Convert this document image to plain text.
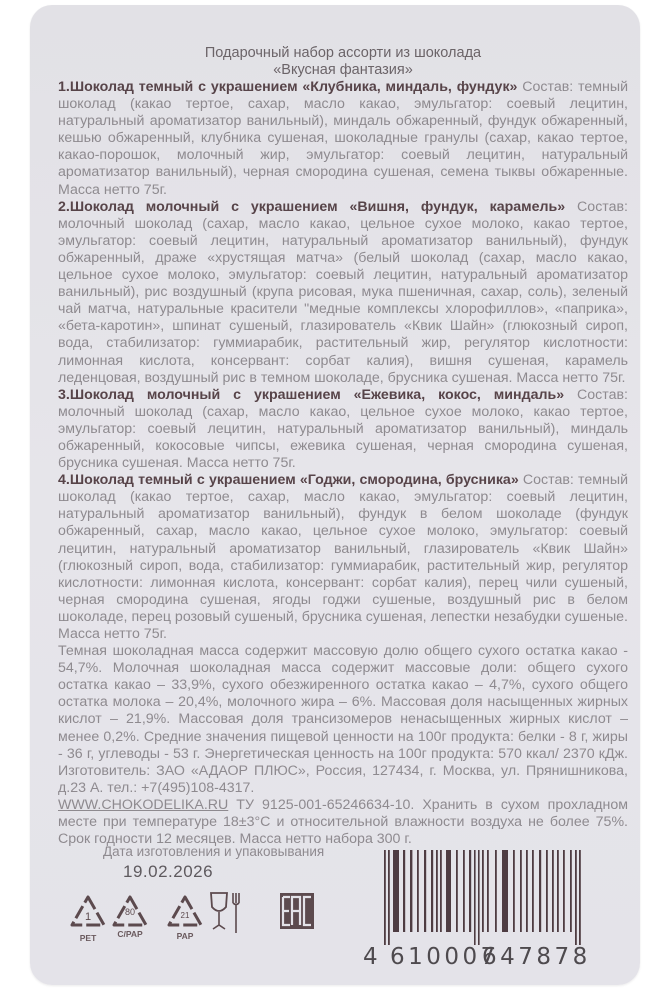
Подарочный набор ассорти из шоколада
«Вкусная фантазия»

1.Шоколад темный с украшением «Клубника, миндаль, фундук» Состав: темный шоколад (какао тертое, сахар, масло какао, эмульгатор: соевый лецитин, натуральный ароматизатор ванильный), миндаль обжаренный, фундук обжаренный, кешью обжаренный, клубника сушеная, шоколадные гранулы (сахар, какао тертое, какао-порошок, молочный жир, эмульгатор: соевый лецитин, натуральный ароматизатор ванильный), черная смородина сушеная, семена тыквы обжаренные. Масса нетто 75г.

2.Шоколад молочный с украшением «Вишня, фундук, карамель» Состав: молочный шоколад (сахар, масло какао, цельное сухое молоко, какао тертое, эмульгатор: соевый лецитин, натуральный ароматизатор ванильный), фундук обжаренный, драже «хрустящая матча» (белый шоколад (сахар, масло какао, цельное сухое молоко, эмульгатор: соевый лецитин, натуральный ароматизатор ванильный), рис воздушный (крупа рисовая, мука пшеничная, сахар, соль), зеленый чай матча, натуральные красители "медные комплексы хлорофиллов», «паприка», «бета-каротин», шпинат сушеный, глазирователь «Квик Шайн» (глюкозный сироп, вода, стабилизатор: гуммиарабик, растительный жир, регулятор кислотности: лимонная кислота, консервант: сорбат калия), вишня сушеная, карамель леденцовая, воздушный рис в темном шоколаде, брусника сушеная. Масса нетто 75г.

3.Шоколад молочный с украшением «Ежевика, кокос, миндаль» Состав: молочный шоколад (сахар, масло какао, цельное сухое молоко, какао тертое, эмульгатор: соевый лецитин, натуральный ароматизатор ванильный), миндаль обжаренный, кокосовые чипсы, ежевика сушеная, черная смородина сушеная, брусника сушеная. Масса нетто 75г.

4.Шоколад темный с украшением «Годжи, смородина, брусника» Состав: темный шоколад (какао тертое, сахар, масло какао, эмульгатор: соевый лецитин, натуральный ароматизатор ванильный), фундук в белом шоколаде (фундук обжаренный, сахар, масло какао, цельное сухое молоко, эмульгатор: соевый лецитин, натуральный ароматизатор ванильный, глазирователь «Квик Шайн» (глюкозный сироп, вода, стабилизатор: гуммиарабик, растительный жир, регулятор кислотности: лимонная кислота, консервант: сорбат калия), перец чили сушеный, черная смородина сушеная, ягоды годжи сушеные, воздушный рис в белом шоколаде, перец розовый сушеный, брусника сушеная, лепестки незабудки сушеные. Масса нетто 75г.

Темная шоколадная масса содержит массовую долю общего сухого остатка какао - 54,7%. Молочная шоколадная масса содержит массовые доли: общего сухого остатка какао – 33,9%, сухого обезжиренного остатка какао – 4,7%, сухого общего остатка молока – 20,4%, молочного жира – 6%. Массовая доля насыщенных жирных кислот – 21,9%. Массовая доля трансизомеров ненасыщенных жирных кислот – менее 0,2%. Средние значения пищевой ценности на 100г продукта: белки - 8 г, жиры - 36 г, углеводы - 53 г. Энергетическая ценность на 100г продукта: 570 ккал/ 2370 кДж. Изготовитель: ЗАО «АДАОР ПЛЮС», Россия, 127434, г. Москва, ул. Прянишникова, д.23 А. тел.: +7(495)108-4317.

WWW.CHOKODELIKA.RU ТУ 9125-001-65246634-10. Хранить в сухом прохладном месте при температуре 18±3°С и относительной влажности воздуха не более 75%. Срок годности 12 месяцев. Масса нетто набора 300 г.

Дата изготовления и упаковывания
19.02.2026
1
PET
80
C/PAP
21
PAP
4 610007
647878
